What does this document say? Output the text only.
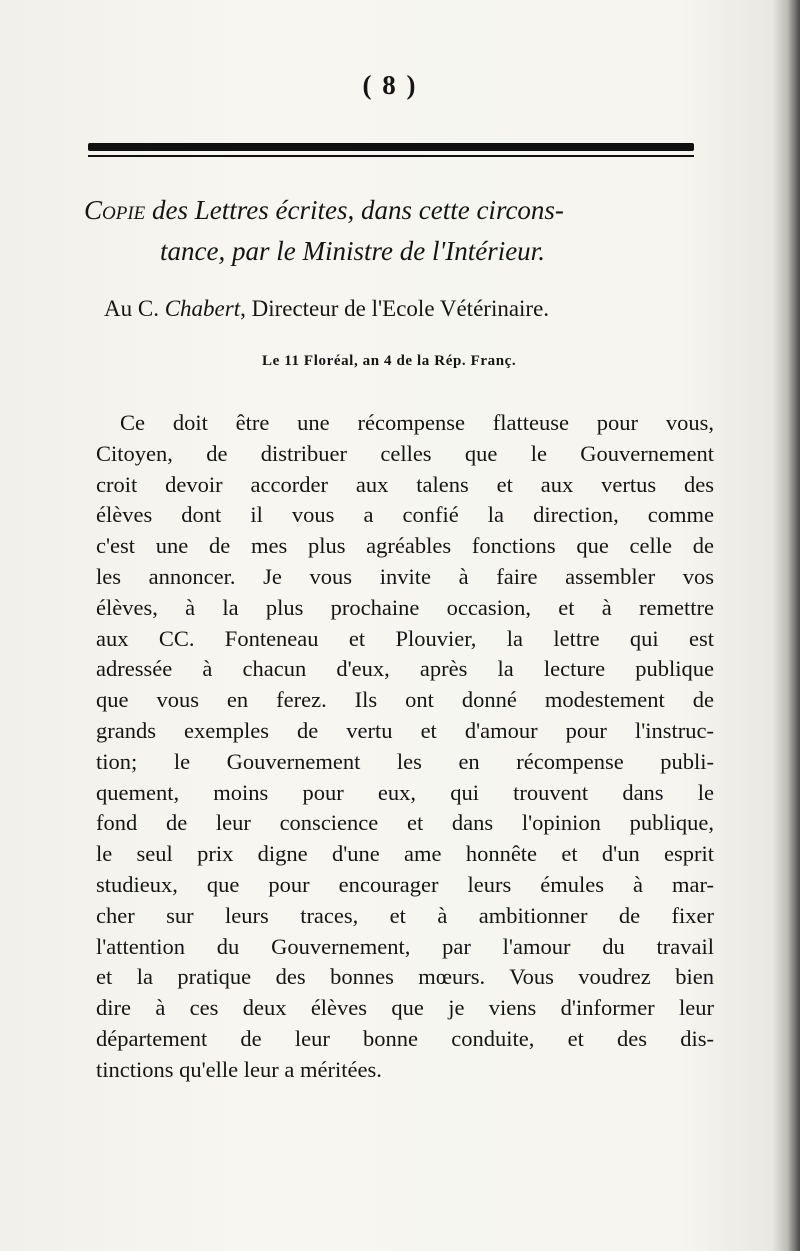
( 8 )
Copie des Lettres écrites, dans cette circons-
tance, par le Ministre de l'Intérieur.
Au C. Chabert, Directeur de l'Ecole Vétérinaire.
Le 11 Floréal, an 4 de la Rép. Franç.
Ce doit être une récompense flatteuse pour vous,
Citoyen, de distribuer celles que le Gouvernement
croit devoir accorder aux talens et aux vertus des
élèves dont il vous a confié la direction, comme
c'est une de mes plus agréables fonctions que celle de
les annoncer. Je vous invite à faire assembler vos
élèves, à la plus prochaine occasion, et à remettre
aux CC. Fonteneau et Plouvier, la lettre qui est
adressée à chacun d'eux, après la lecture publique
que vous en ferez. Ils ont donné modestement de
grands exemples de vertu et d'amour pour l'instruc-
tion; le Gouvernement les en récompense publi-
quement, moins pour eux, qui trouvent dans le
fond de leur conscience et dans l'opinion publique,
le seul prix digne d'une ame honnête et d'un esprit
studieux, que pour encourager leurs émules à mar-
cher sur leurs traces, et à ambitionner de fixer
l'attention du Gouvernement, par l'amour du travail
et la pratique des bonnes mœurs. Vous voudrez bien
dire à ces deux élèves que je viens d'informer leur
département de leur bonne conduite, et des dis-
tinctions qu'elle leur a méritées.
